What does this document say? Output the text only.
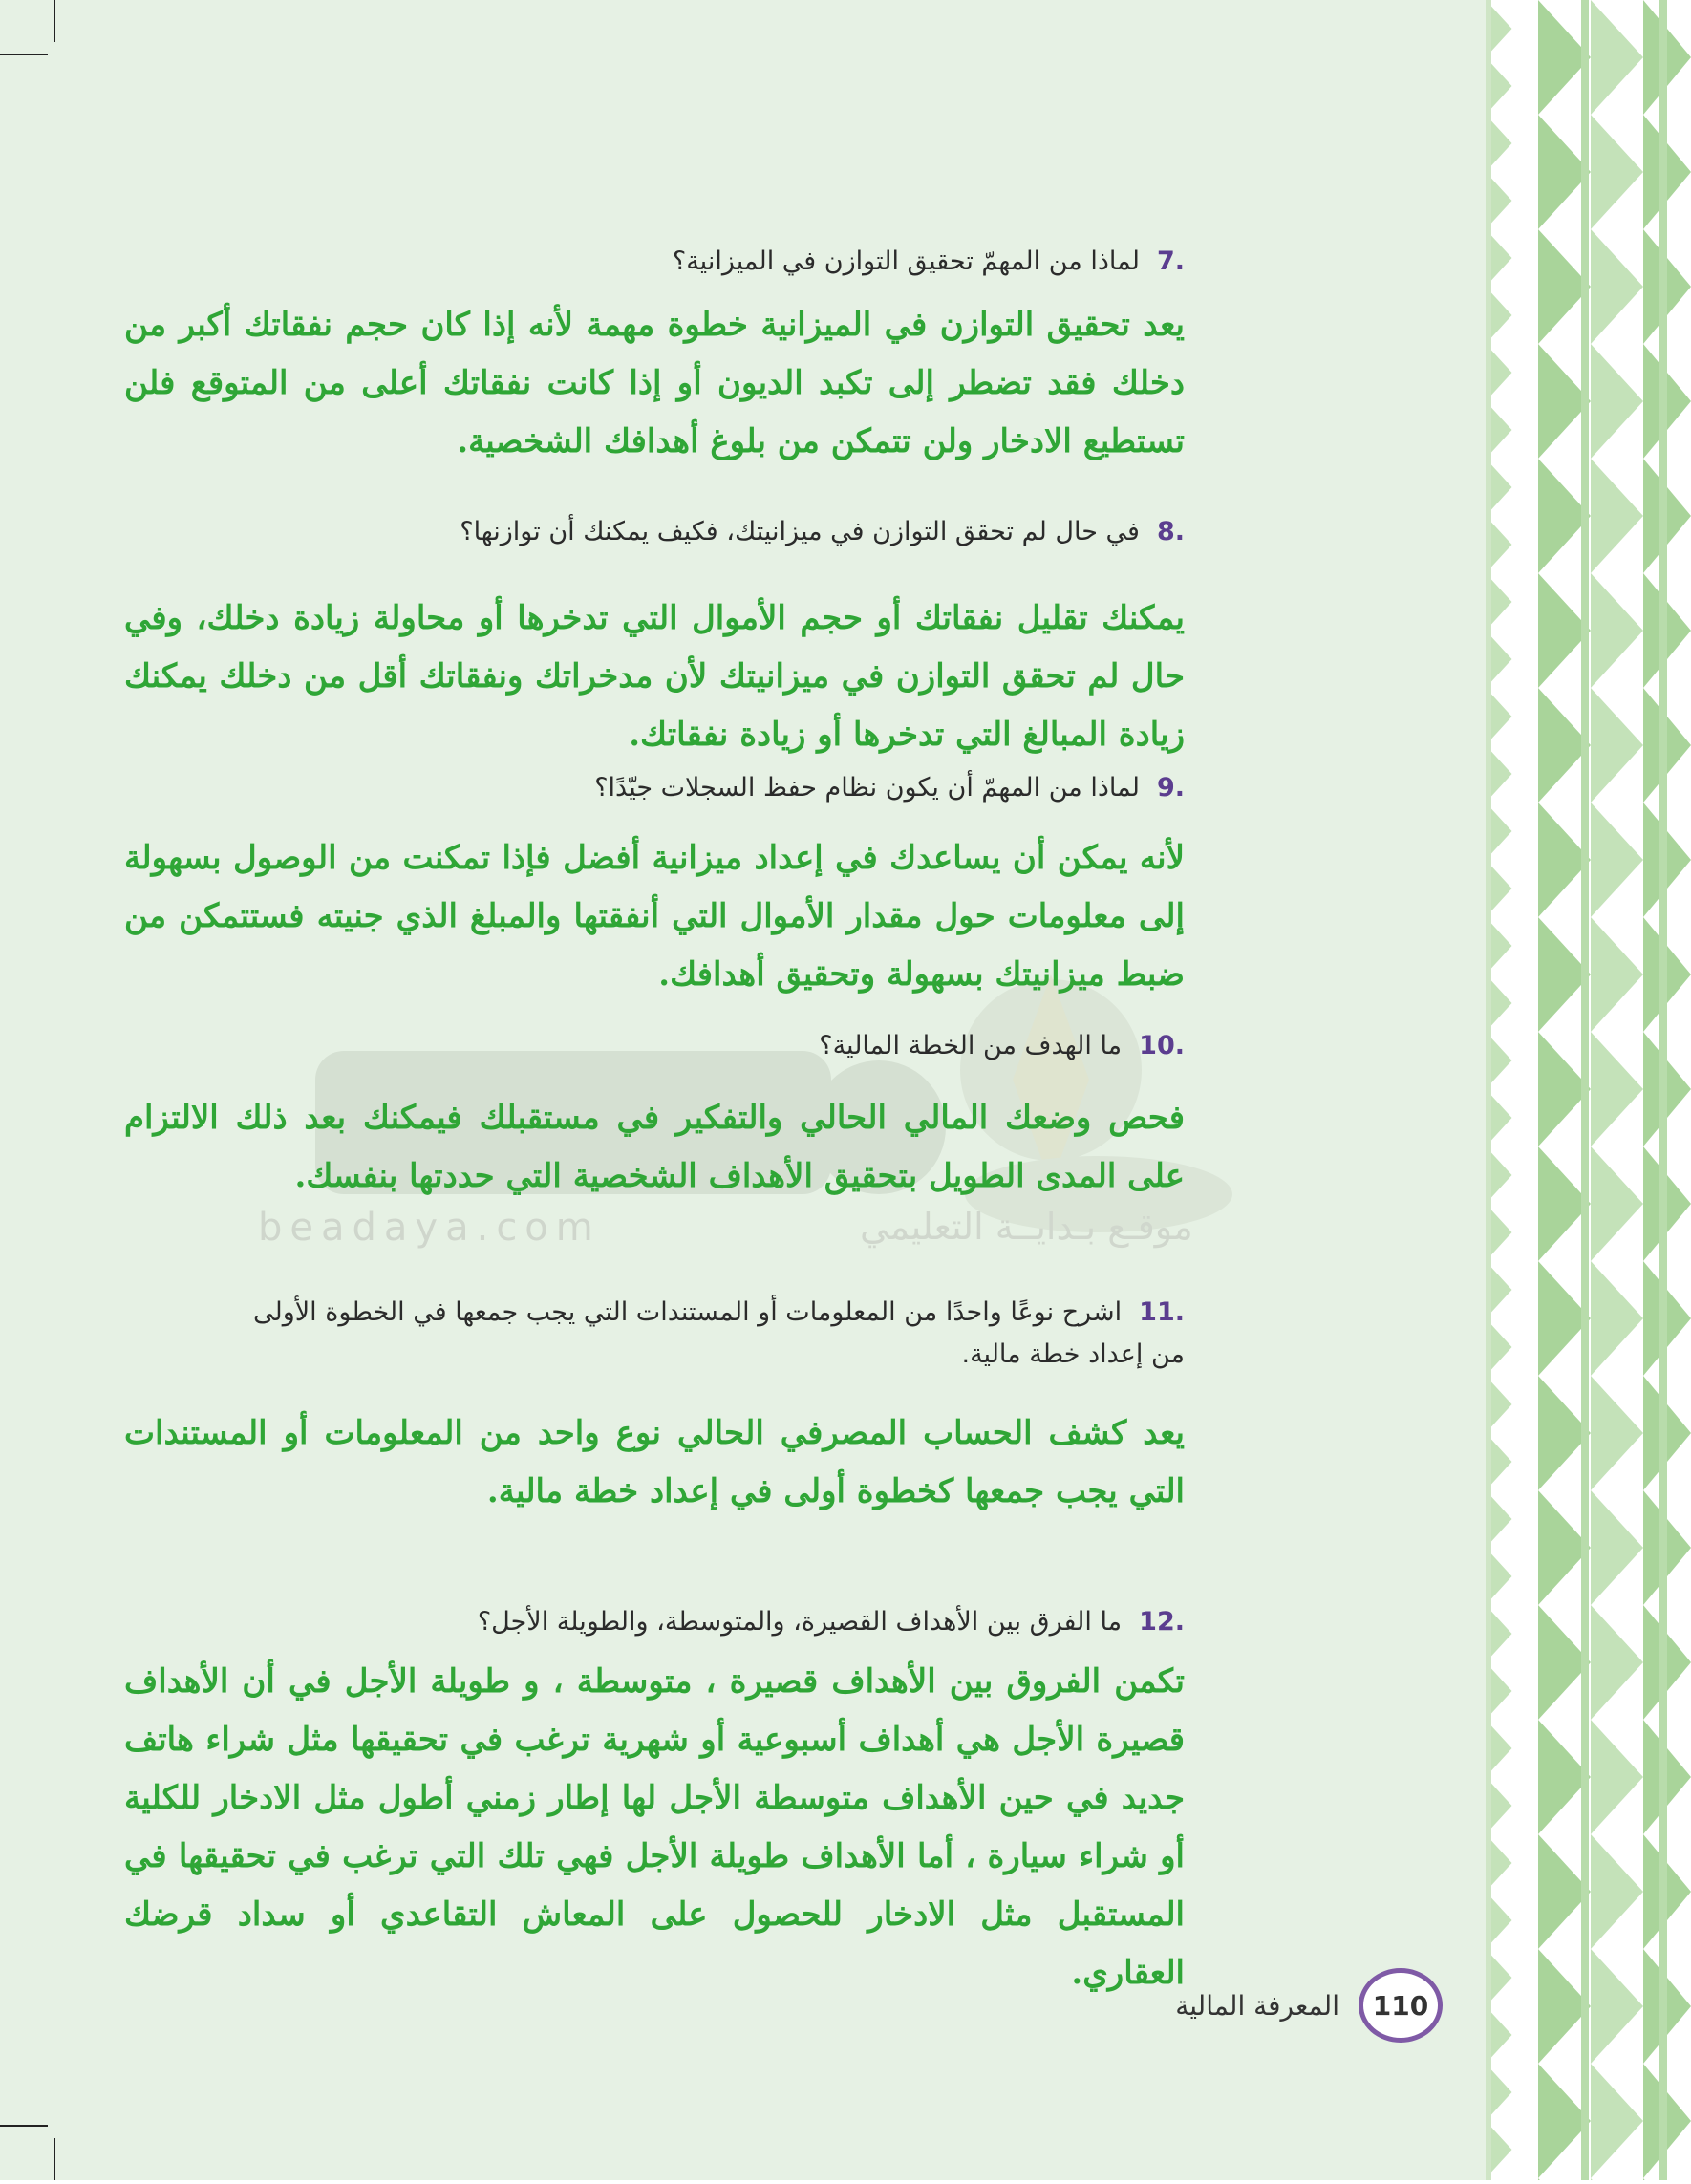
beadaya.com	موقـع بـدايــة التعليمي
.7لماذا من المهمّ تحقيق التوازن في الميزانية؟
يعد تحقيق التوازن في الميزانية خطوة مهمة لأنه إذا كان حجم نفقاتك أكبر من دخلك فقد تضطر إلى تكبد الديون أو إذا كانت نفقاتك أعلى من المتوقع فلن تستطيع الادخار ولن تتمكن من بلوغ أهدافك الشخصية.
.8في حال لم تحقق التوازن في ميزانيتك، فكيف يمكنك أن توازنها؟
يمكنك تقليل نفقاتك أو حجم الأموال التي تدخرها أو محاولة زيادة دخلك، وفي حال لم تحقق التوازن في ميزانيتك لأن مدخراتك ونفقاتك أقل من دخلك يمكنك زيادة المبالغ التي تدخرها أو زيادة نفقاتك.
.9لماذا من المهمّ أن يكون نظام حفظ السجلات جيّدًا؟
لأنه يمكن أن يساعدك في إعداد ميزانية أفضل فإذا تمكنت من الوصول بسهولة إلى معلومات حول مقدار الأموال التي أنفقتها والمبلغ الذي جنيته فستتمكن من ضبط ميزانيتك بسهولة وتحقيق أهدافك.
.10ما الهدف من الخطة المالية؟
فحص وضعك المالي الحالي والتفكير في مستقبلك فيمكنك بعد ذلك الالتزام على المدى الطويل بتحقيق الأهداف الشخصية التي حددتها بنفسك.
.11اشرح نوعًا واحدًا من المعلومات أو المستندات التي يجب جمعها في الخطوة الأولى من إعداد خطة مالية.
يعد كشف الحساب المصرفي الحالي نوع واحد من المعلومات أو المستندات التي يجب جمعها كخطوة أولى في إعداد خطة مالية.
.12ما الفرق بين الأهداف القصيرة، والمتوسطة، والطويلة الأجل؟
تكمن الفروق بين الأهداف قصيرة ، متوسطة ، و طويلة الأجل في أن الأهداف قصيرة الأجل هي أهداف أسبوعية أو شهرية ترغب في تحقيقها مثل شراء هاتف جديد في حين الأهداف متوسطة الأجل لها إطار زمني أطول مثل الادخار للكلية أو شراء سيارة ، أما الأهداف طويلة الأجل فهي تلك التي ترغب في تحقيقها في المستقبل مثل الادخار للحصول على المعاش التقاعدي أو سداد قرضك العقاري.
110
المعرفة المالية
